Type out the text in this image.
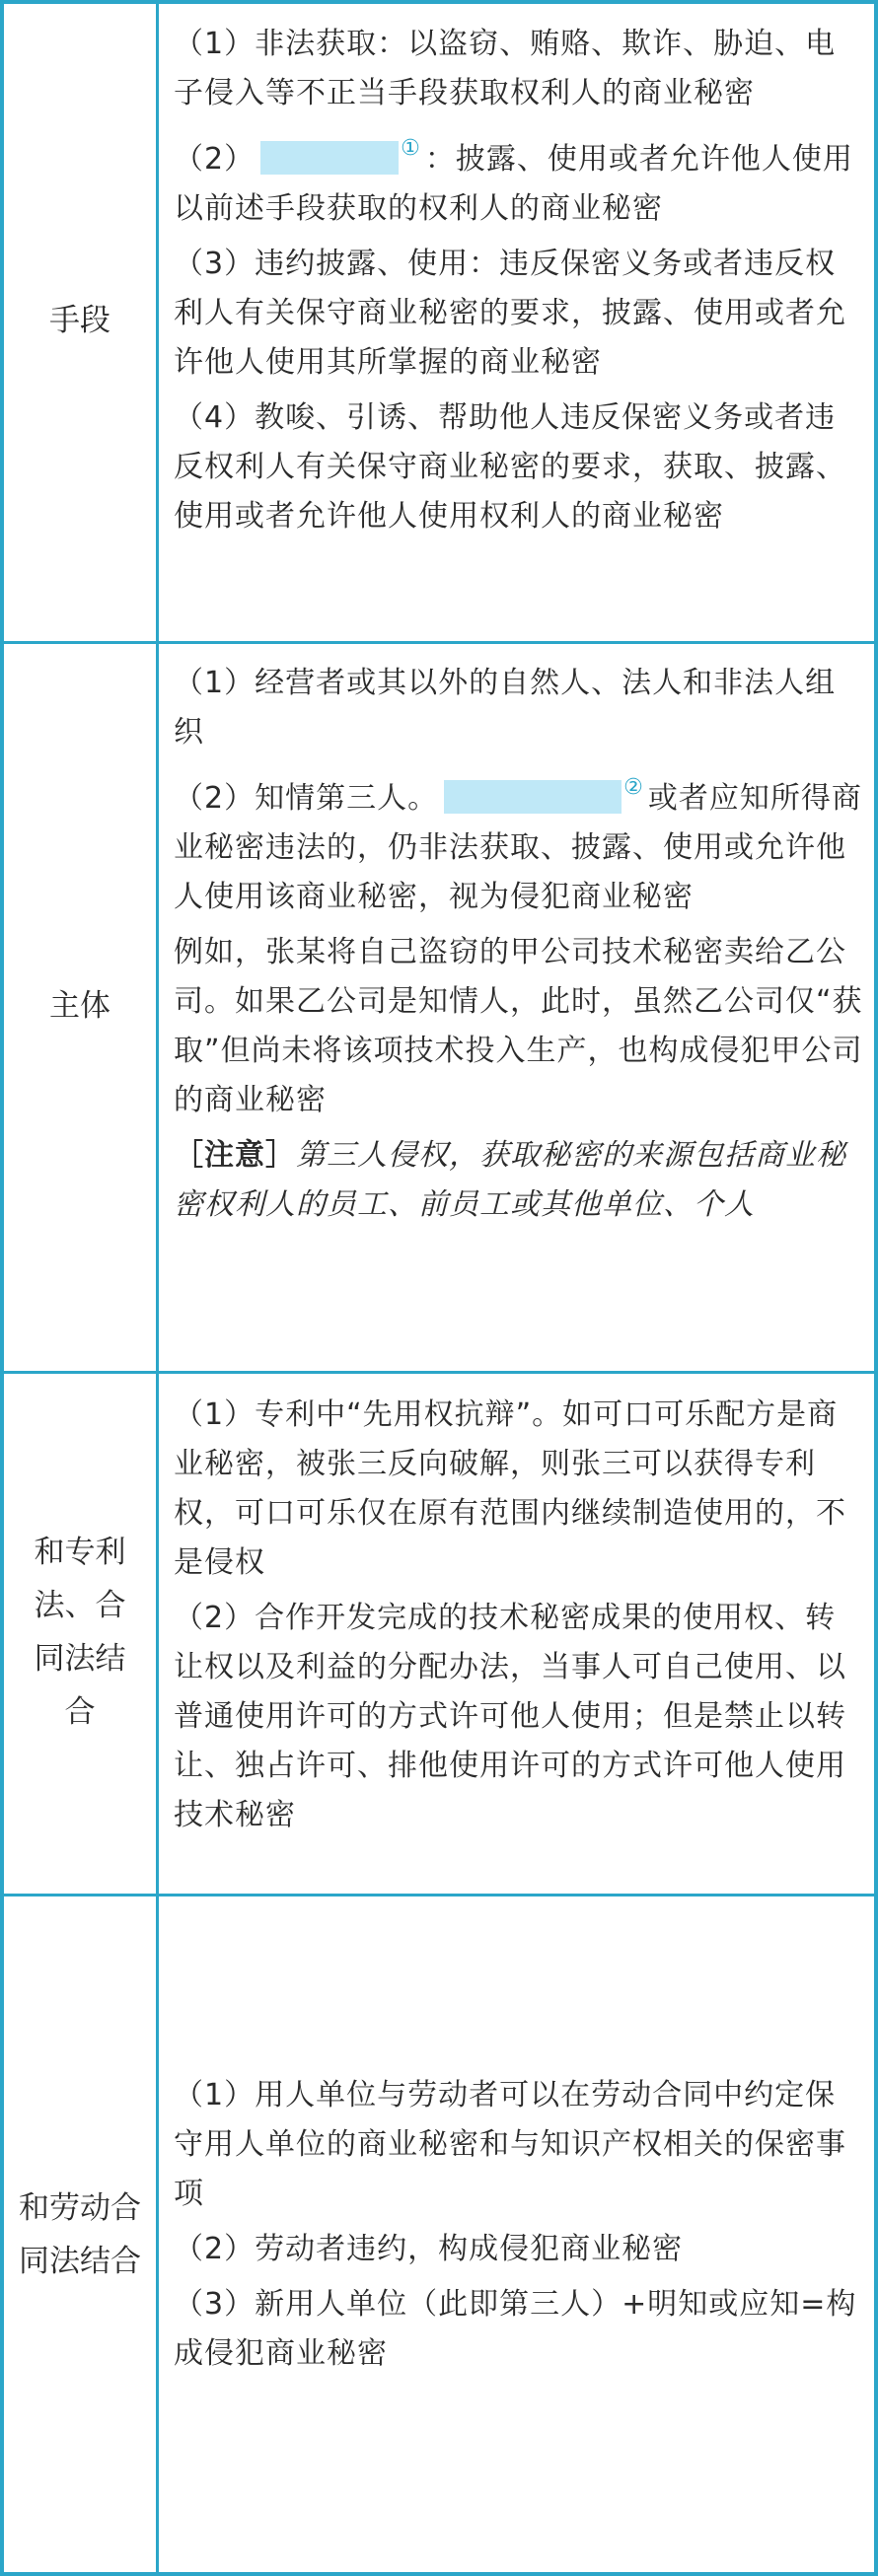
手段

（1）非法获取：以盗窃、贿赂、欺诈、胁迫、电子侵入等不正当手段获取权利人的商业秘密

（2）	① ：披露、使用或者允许他人使用以前述手段获取的权利人的商业秘密

（3）违约披露、使用：违反保密义务或者违反权利人有关保守商业秘密的要求，披露、使用或者允许他人使用其所掌握的商业秘密

（4）教唆、引诱、帮助他人违反保密义务或者违反权利人有关保守商业秘密的要求，获取、披露、使用或者允许他人使用权利人的商业秘密

主体

（1）经营者或其以外的自然人、法人和非法人组织

（2）知情第三人。	② 或者应知所得商业秘密违法的，仍非法获取、披露、使用或允许他人使用该商业秘密，视为侵犯商业秘密

例如，张某将自己盗窃的甲公司技术秘密卖给乙公司。如果乙公司是知情人，此时，虽然乙公司仅“获取”但尚未将该项技术投入生产，也构成侵犯甲公司的商业秘密

［注意］第三人侵权，获取秘密的来源包括商业秘密权利人的员工、前员工或其他单位、个人

和专利法、合同法结合

（1）专利中“先用权抗辩”。如可口可乐配方是商业秘密，被张三反向破解，则张三可以获得专利权，可口可乐仅在原有范围内继续制造使用的，不是侵权

（2）合作开发完成的技术秘密成果的使用权、转让权以及利益的分配办法，当事人可自己使用、以普通使用许可的方式许可他人使用；但是禁止以转让、独占许可、排他使用许可的方式许可他人使用技术秘密

和劳动合同法结合

（1）用人单位与劳动者可以在劳动合同中约定保守用人单位的商业秘密和与知识产权相关的保密事项

（2）劳动者违约，构成侵犯商业秘密

（3）新用人单位（此即第三人）+明知或应知=构成侵犯商业秘密
